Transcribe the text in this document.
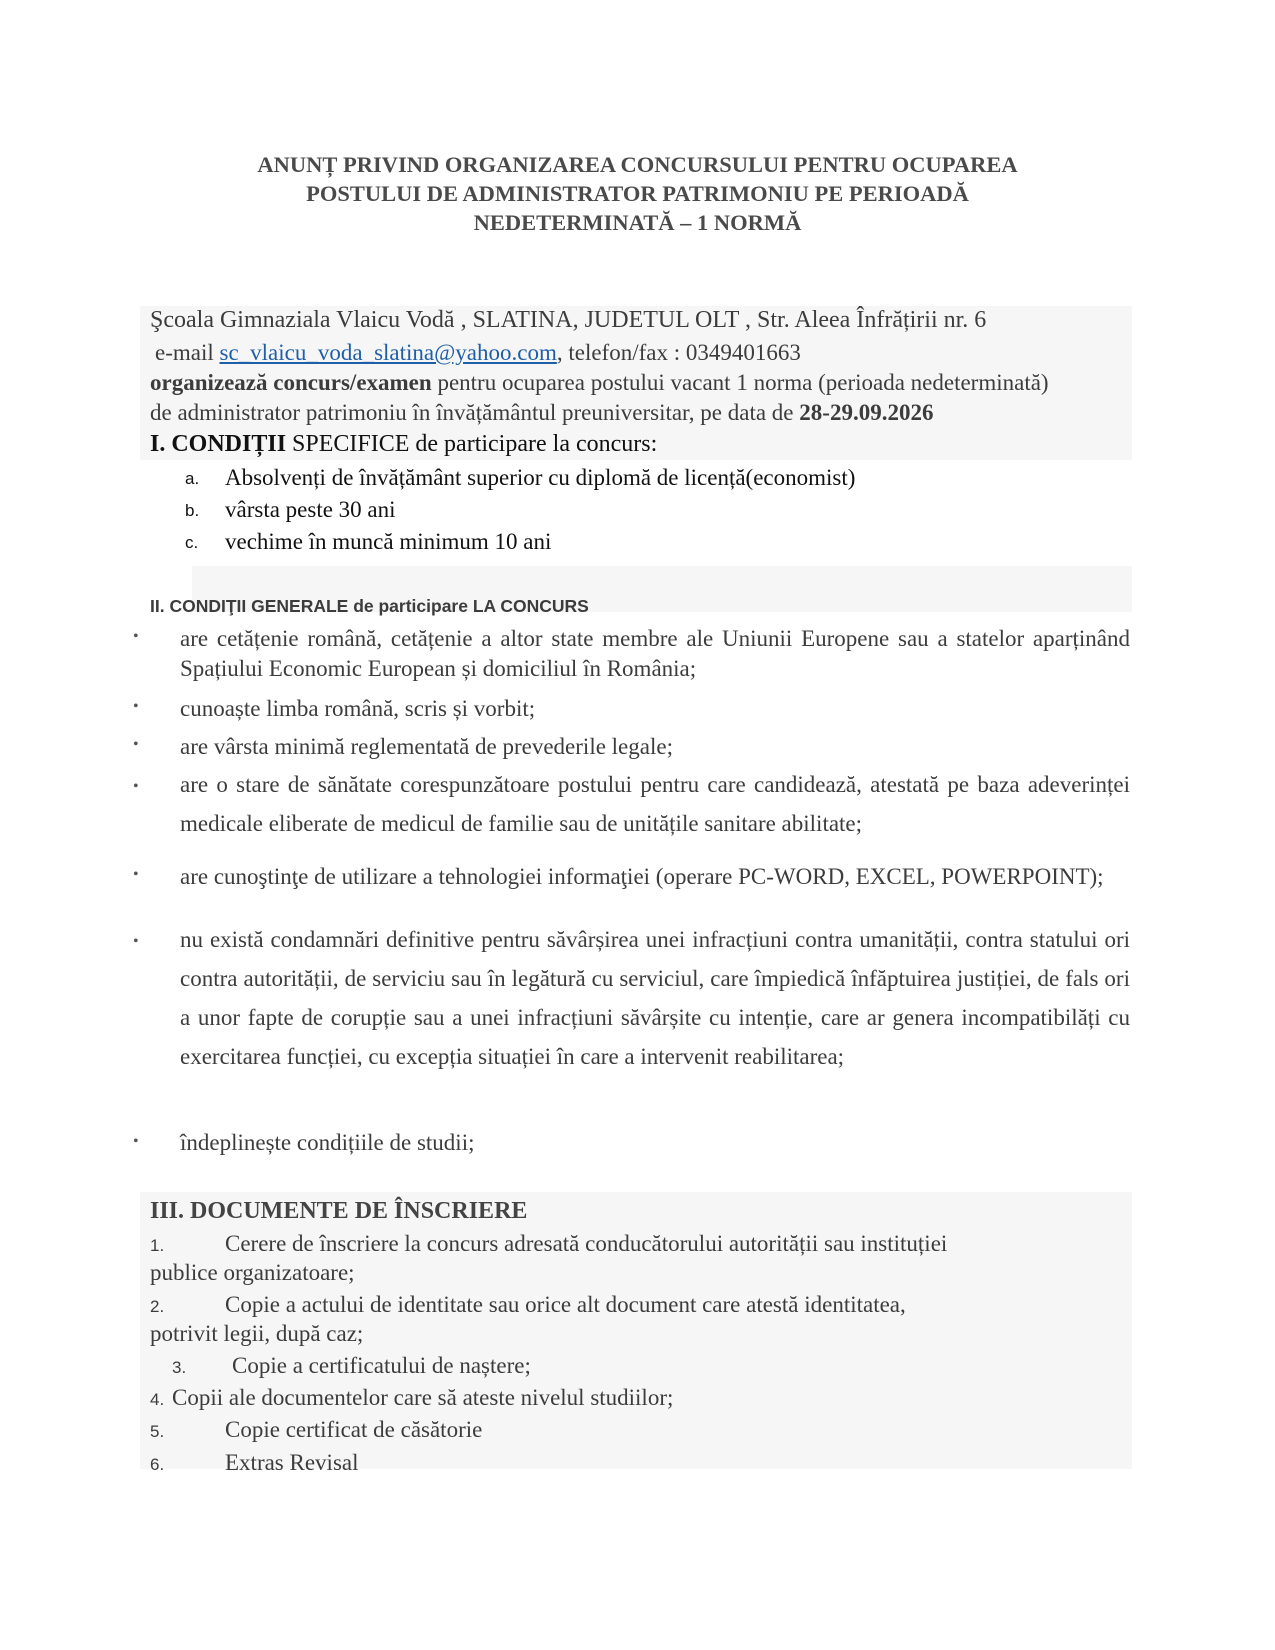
ANUNȚ PRIVIND ORGANIZAREA CONCURSULUI PENTRU OCUPAREA
POSTULUI DE ADMINISTRATOR PATRIMONIU PE PERIOADĂ
NEDETERMINATĂ – 1 NORMĂ
Şcoala Gimnaziala Vlaicu Vodă , SLATINA, JUDETUL OLT , Str. Aleea Înfrățirii nr. 6
e-mail sc_vlaicu_voda_slatina@yahoo.com, telefon/fax : 0349401663
organizează concurs/examen pentru ocuparea postului vacant 1 norma (perioada nedeterminată)
de administrator patrimoniu în învățământul preuniversitar, pe data de 28-29.09.2026
I. CONDIȚII SPECIFICE de participare la concurs:
a. Absolvenți de învățământ superior cu diplomă de licență(economist)
b. vârsta peste 30 ani
c. vechime în muncă minimum 10 ani
II. CONDIŢII GENERALE de participare LA CONCURS
• are cetățenie română, cetățenie a altor state membre ale Uniunii Europene sau a statelor aparținând Spațiului Economic European și domiciliul în România;
• cunoaște limba română, scris și vorbit;
• are vârsta minimă reglementată de prevederile legale;
• are o stare de sănătate corespunzătoare postului pentru care candidează, atestată pe baza adeverinței medicale eliberate de medicul de familie sau de unitățile sanitare abilitate;
• are cunoştinţe de utilizare a tehnologiei informaţiei (operare PC-WORD, EXCEL, POWERPOINT);
• nu există condamnări definitive pentru săvârșirea unei infracțiuni contra umanității, contra statului ori contra autorității, de serviciu sau în legătură cu serviciul, care împiedică înfăptuirea justiției, de fals ori a unor fapte de corupție sau a unei infracțiuni săvârșite cu intenție, care ar genera incompatibilăți cu exercitarea funcției, cu excepția situației în care a intervenit reabilitarea;
• îndeplinește condițiile de studii;
III. DOCUMENTE DE ÎNSCRIERE
1.	Cerere de înscriere la concurs adresată conducătorului autorității sau instituției
publice organizatoare;
2.	Copie a actului de identitate sau orice alt document care atestă identitatea,
potrivit legii, după caz;
3. Copie a certificatului de naștere;
4. Copii ale documentelor care să ateste nivelul studiilor;
5.	Copie certificat de căsătorie
6.	Extras Revisal
